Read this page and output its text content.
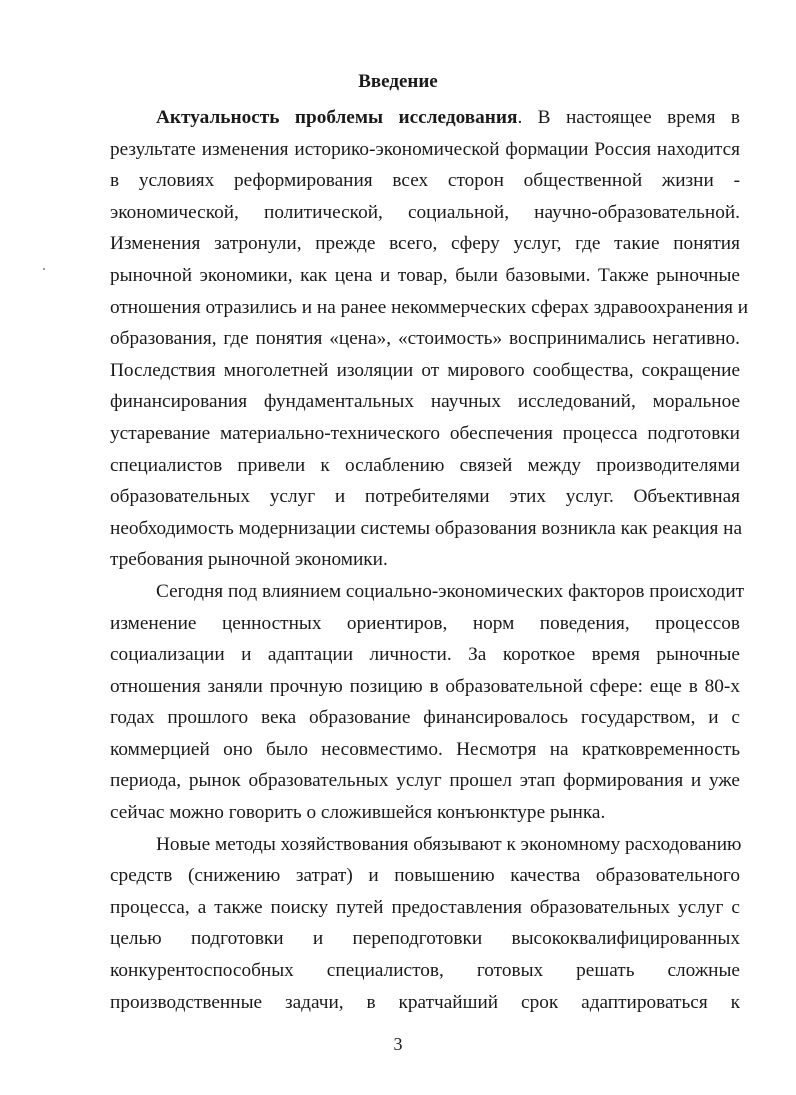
Введение

Актуальность проблемы исследования. В настоящее время в
результате изменения историко-экономической формации Россия находится
в условиях реформирования всех сторон общественной жизни -
экономической, политической, социальной, научно-образовательной.
Изменения затронули, прежде всего, сферу услуг, где такие понятия
рыночной экономики, как цена и товар, были базовыми. Также рыночные
отношения отразились и на ранее некоммерческих сферах здравоохранения и
образования, где понятия «цена», «стоимость» воспринимались негативно.
Последствия многолетней изоляции от мирового сообщества, сокращение
финансирования фундаментальных научных исследований, моральное
устаревание материально-технического обеспечения процесса подготовки
специалистов привели к ослаблению связей между производителями
образовательных услуг и потребителями этих услуг. Объективная
необходимость модернизации системы образования возникла как реакция на
требования рыночной экономики.

Сегодня под влиянием социально-экономических факторов происходит
изменение ценностных ориентиров, норм поведения, процессов
социализации и адаптации личности. За короткое время рыночные
отношения заняли прочную позицию в образовательной сфере: еще в 80-х
годах прошлого века образование финансировалось государством, и с
коммерцией оно было несовместимо. Несмотря на кратковременность
периода, рынок образовательных услуг прошел этап формирования и уже
сейчас можно говорить о сложившейся конъюнктуре рынка.

Новые методы хозяйствования обязывают к экономному расходованию
средств (снижению затрат) и повышению качества образовательного
процесса, а также поиску путей предоставления образовательных услуг с
целью подготовки и переподготовки высококвалифицированных
конкурентоспособных специалистов, готовых решать сложные
производственные задачи, в кратчайший срок адаптироваться к

3
